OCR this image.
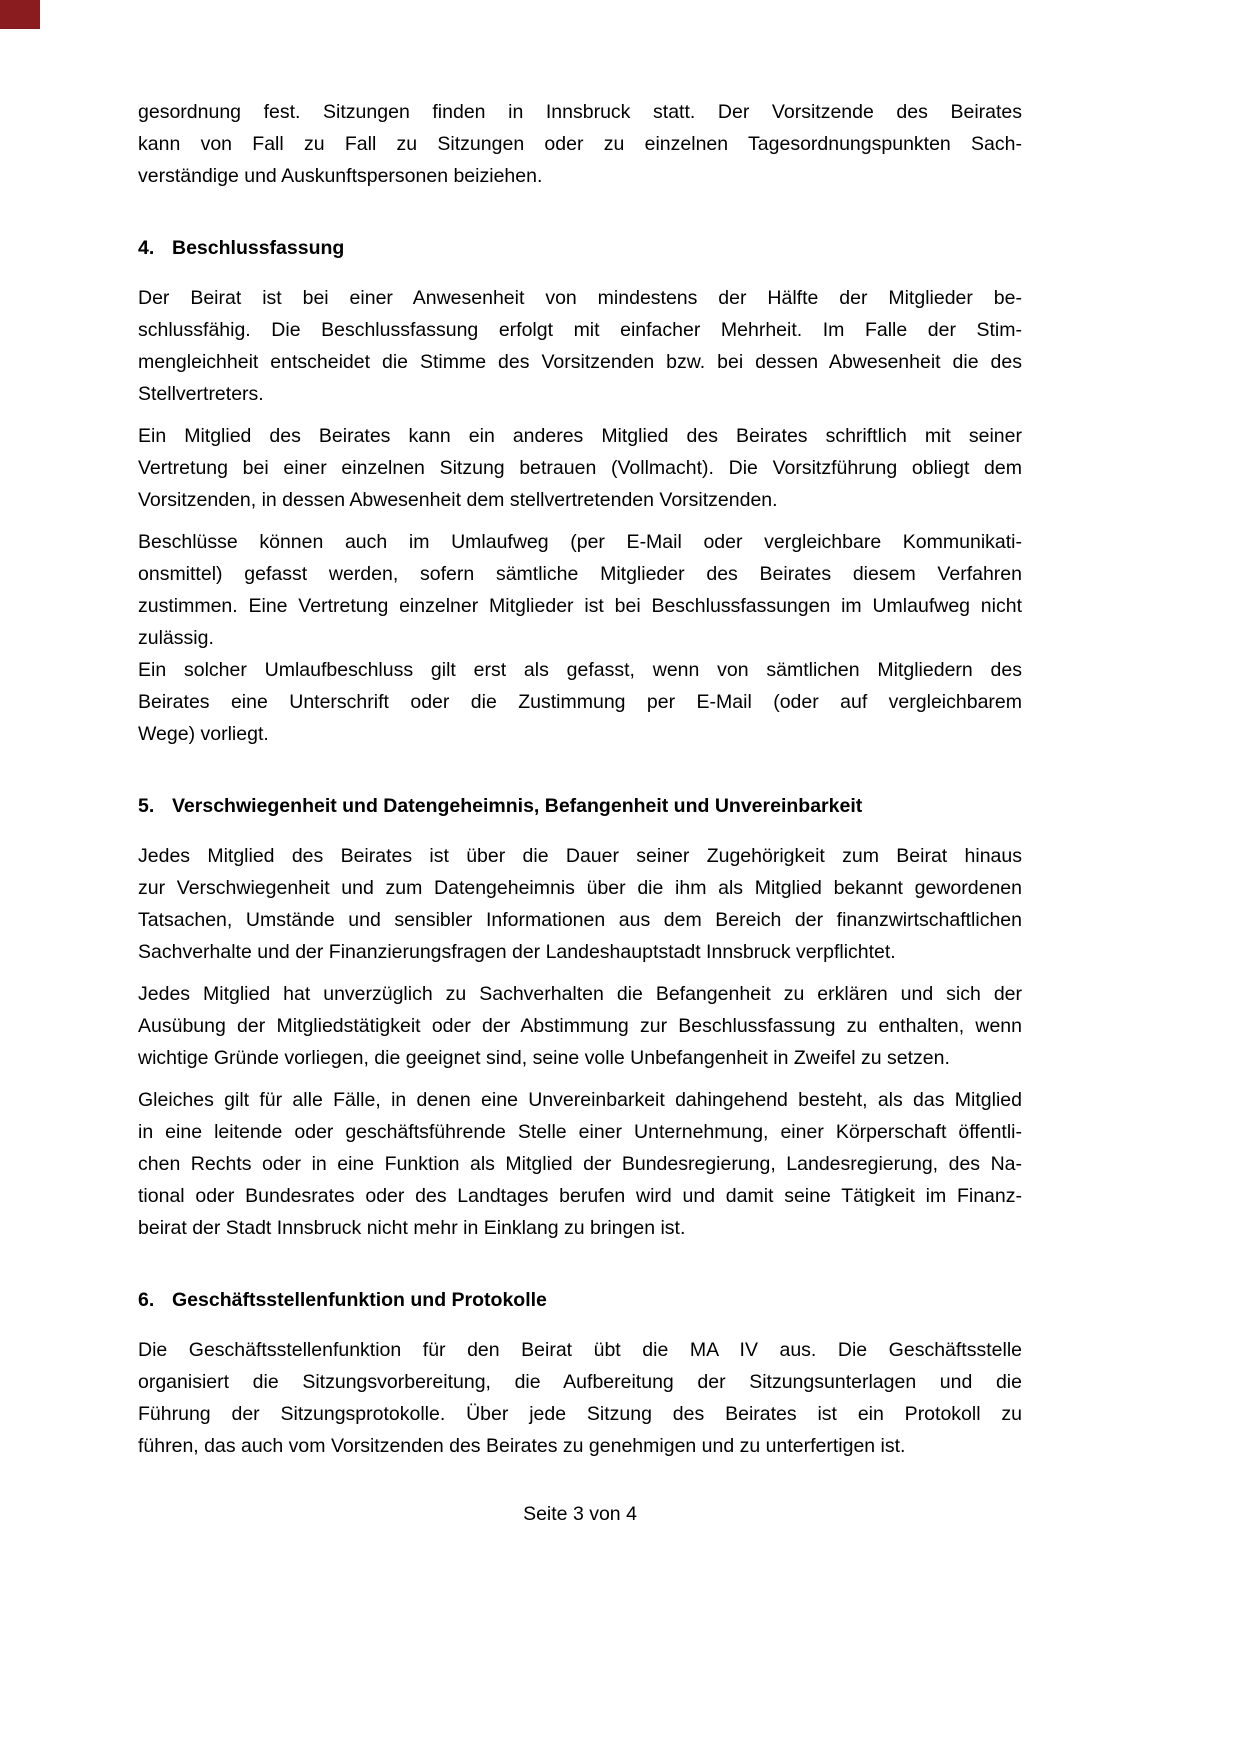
gesordnung fest. Sitzungen finden in Innsbruck statt. Der Vorsitzende des Beirates
kann von Fall zu Fall zu Sitzungen oder zu einzelnen Tagesordnungspunkten Sach-
verständige und Auskunftspersonen beiziehen.
4. Beschlussfassung
Der Beirat ist bei einer Anwesenheit von mindestens der Hälfte der Mitglieder be-
schlussfähig. Die Beschlussfassung erfolgt mit einfacher Mehrheit. Im Falle der Stim-
mengleichheit entscheidet die Stimme des Vorsitzenden bzw. bei dessen Abwesenheit die des
Stellvertreters.
Ein Mitglied des Beirates kann ein anderes Mitglied des Beirates schriftlich mit seiner
Vertretung bei einer einzelnen Sitzung betrauen (Vollmacht). Die Vorsitzführung obliegt dem
Vorsitzenden, in dessen Abwesenheit dem stellvertretenden Vorsitzenden.
Beschlüsse können auch im Umlaufweg (per E-Mail oder vergleichbare Kommunikati-
onsmittel) gefasst werden, sofern sämtliche Mitglieder des Beirates diesem Verfahren
zustimmen. Eine Vertretung einzelner Mitglieder ist bei Beschlussfassungen im Umlaufweg nicht
zulässig.
Ein solcher Umlaufbeschluss gilt erst als gefasst, wenn von sämtlichen Mitgliedern des
Beirates eine Unterschrift oder die Zustimmung per E-Mail (oder auf vergleichbarem
Wege) vorliegt.
5. Verschwiegenheit und Datengeheimnis, Befangenheit und Unvereinbarkeit
Jedes Mitglied des Beirates ist über die Dauer seiner Zugehörigkeit zum Beirat hinaus
zur Verschwiegenheit und zum Datengeheimnis über die ihm als Mitglied bekannt gewordenen
Tatsachen, Umstände und sensibler Informationen aus dem Bereich der finanzwirtschaftlichen
Sachverhalte und der Finanzierungsfragen der Landeshauptstadt Innsbruck verpflichtet.
Jedes Mitglied hat unverzüglich zu Sachverhalten die Befangenheit zu erklären und sich der
Ausübung der Mitgliedstätigkeit oder der Abstimmung zur Beschlussfassung zu enthalten, wenn
wichtige Gründe vorliegen, die geeignet sind, seine volle Unbefangenheit in Zweifel zu setzen.
Gleiches gilt für alle Fälle, in denen eine Unvereinbarkeit dahingehend besteht, als das Mitglied
in eine leitende oder geschäftsführende Stelle einer Unternehmung, einer Körperschaft öffentli-
chen Rechts oder in eine Funktion als Mitglied der Bundesregierung, Landesregierung, des Na-
tional oder Bundesrates oder des Landtages berufen wird und damit seine Tätigkeit im Finanz-
beirat der Stadt Innsbruck nicht mehr in Einklang zu bringen ist.
6. Geschäftsstellenfunktion und Protokolle
Die Geschäftsstellenfunktion für den Beirat übt die MA IV aus. Die Geschäftsstelle
organisiert die Sitzungsvorbereitung, die Aufbereitung der Sitzungsunterlagen und die
Führung der Sitzungsprotokolle. Über jede Sitzung des Beirates ist ein Protokoll zu
führen, das auch vom Vorsitzenden des Beirates zu genehmigen und zu unterfertigen ist.
Seite 3 von 4
